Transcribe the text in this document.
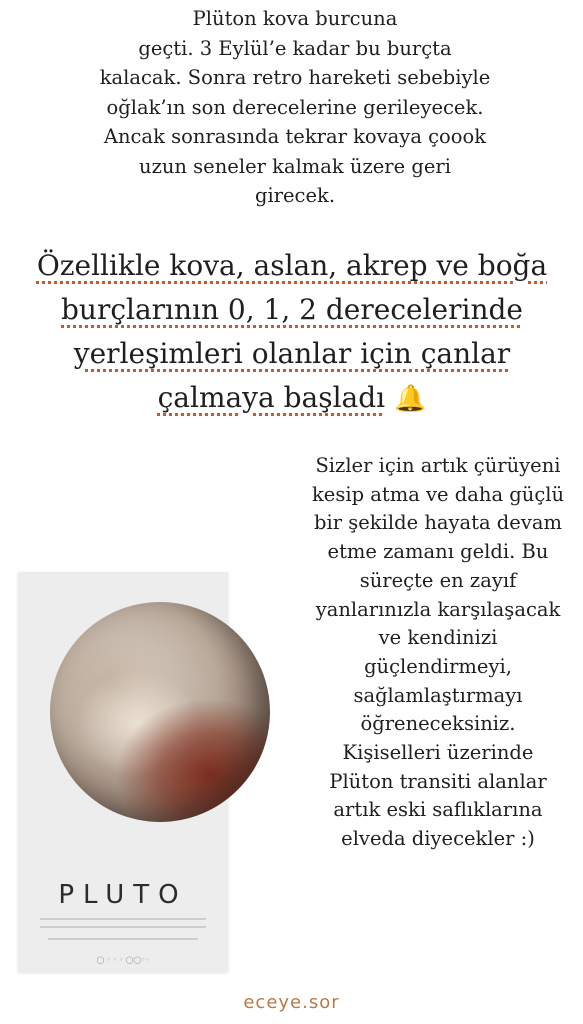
Plüton kova burcuna
geçti. 3 Eylül’e kadar bu burçta
kalacak. Sonra retro hareketi sebebiyle
oğlak’ın son derecelerine gerileyecek.
Ancak sonrasında tekrar kovaya çoook
uzun seneler kalmak üzere geri
girecek.
Özellikle kova, aslan, akrep ve boğa
burçlarının 0, 1, 2 derecelerinde
yerleşimleri olanlar için çanlar
çalmaya başladı 🔔
Sizler için artık çürüyeni
kesip atma ve daha güçlü
bir şekilde hayata devam
etme zamanı geldi. Bu
süreçte en zayıf
yanlarınızla karşılaşacak
ve kendinizi
güçlendirmeyi,
sağlamlaştırmayı
öğreneceksiniz.
Kişiselleri üzerinde
Plüton transiti alanlar
artık eski saflıklarına
elveda diyecekler :)
PLUTO
◯ ◦ ◦ ◦ ◯◯◦◦
eceye.sor
